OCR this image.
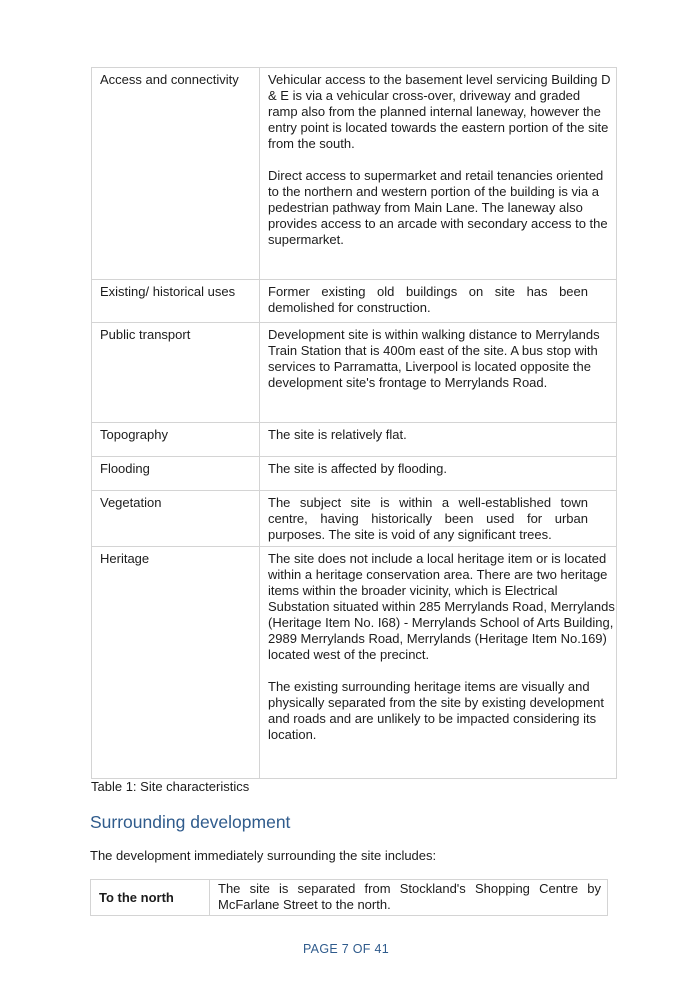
Access and connectivity	Vehicular access to the basement level servicing Building D & E is via a vehicular cross-over, driveway and graded ramp also from the planned internal laneway, however the entry point is located towards the eastern portion of the site from the south.
Direct access to supermarket and retail tenancies oriented to the northern and western portion of the building is via a pedestrian pathway from Main Lane. The laneway also provides access to an arcade with secondary access to the supermarket.

Existing/ historical uses	Former existing old buildings on site has been demolished for construction.

Public transport	Development site is within walking distance to Merrylands Train Station that is 400m east of the site. A bus stop with services to Parramatta, Liverpool is located opposite the development site's frontage to Merrylands Road.

Topography	The site is relatively flat.

Flooding	The site is affected by flooding.

Vegetation	The subject site is within a well-established town centre, having historically been used for urban purposes. The site is void of any significant trees.

Heritage	The site does not include a local heritage item or is located within a heritage conservation area. There are two heritage items within the broader vicinity, which is Electrical Substation situated within 285 Merrylands Road, Merrylands (Heritage Item No. I68) - Merrylands School of Arts Building, 2989 Merrylands Road, Merrylands (Heritage Item No.169) located west of the precinct.
The existing surrounding heritage items are visually and physically separated from the site by existing development and roads and are unlikely to be impacted considering its location.
Table 1: Site characteristics
Surrounding development
The development immediately surrounding the site includes:
To the north	The site is separated from Stockland's Shopping Centre by McFarlane Street to the north.
PAGE 7 OF 41
